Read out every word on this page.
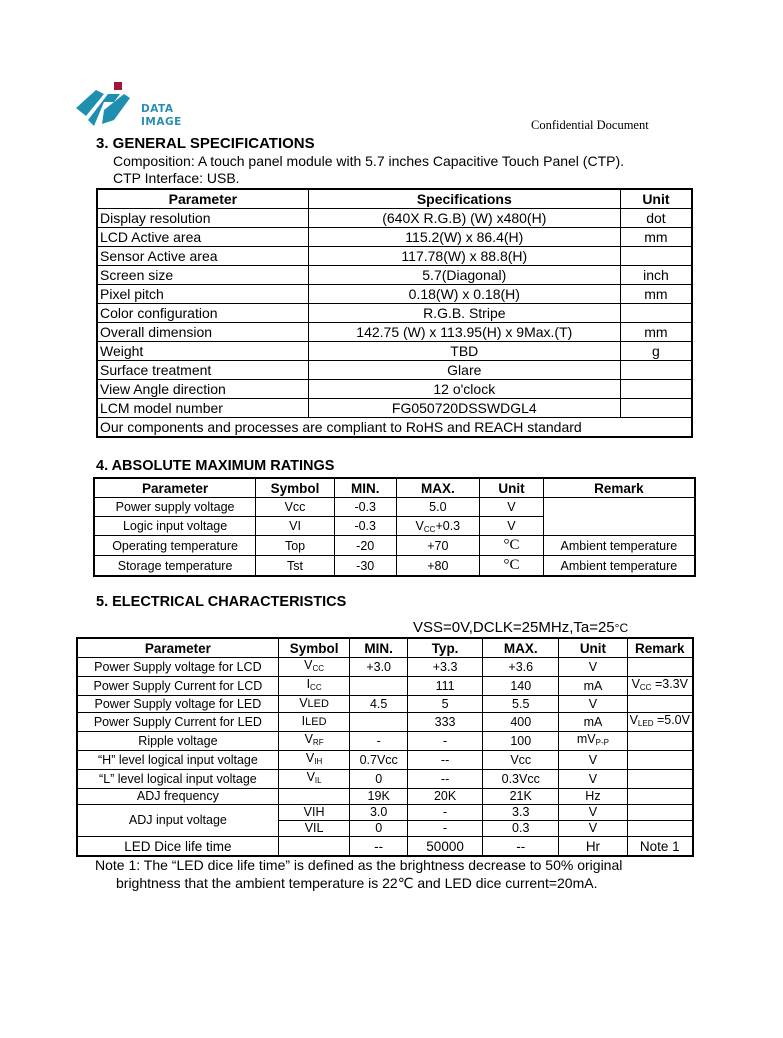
DATA
IMAGE	Confidential Document
3. GENERAL SPECIFICATIONS
Composition: A touch panel module with 5.7 inches Capacitive Touch Panel (CTP).
CTP Interface: USB.
Parameter	Specifications	Unit
Display resolution	(640X R.G.B) (W) x480(H)	dot
LCD Active area	115.2(W) x 86.4(H)	mm
Sensor Active area	117.78(W) x 88.8(H)	
Screen size	5.7(Diagonal)	inch
Pixel pitch	0.18(W) x 0.18(H)	mm
Color configuration	R.G.B. Stripe	
Overall dimension	142.75 (W) x 113.95(H) x 9Max.(T)	mm
Weight	TBD	g
Surface treatment	Glare	
View Angle direction	12 o'clock	
LCM model number	FG050720DSSWDGL4	
Our components and processes are compliant to RoHS and REACH standard		
4. ABSOLUTE MAXIMUM RATINGS
Parameter	Symbol	MIN.	MAX.	Unit	Remark
Power supply voltage	Vcc	-0.3	5.0	V	
Logic input voltage	VI	-0.3	$V_{CC}+0.3$	V	
Operating temperature	Top	-20	+70	°C	Ambient temperature
Storage temperature	Tst	-30	+80	°C	Ambient temperature
5. ELECTRICAL CHARACTERISTICS
VSS=0V,DCLK=25MHz,Ta=25°C
Parameter	Symbol	MIN.	Typ.	MAX.	Unit	Remark
Power Supply voltage for LCD	$V_{CC}$	+3.0	+3.3	+3.6	V	
Power Supply Current for LCD	$I_{CC}$		111	140	mA	$V_{CC} =3.3V$
Power Supply voltage for LED	VLED	4.5	5	5.5	V	
Power Supply Current for LED	ILED		333	400	mA	$V_{LED} =5.0V$
Ripple voltage	$V_{RF}$	-	-	100	$mV_{P-P}$	
“H” level logical input voltage	$V_{IH}$	0.7Vcc	--	Vcc	V	
“L” level logical input voltage	$V_{IL}$	0	--	0.3Vcc	V	
ADJ frequency		19K	20K	21K	Hz	
ADJ input voltage	VIH	3.0	-	3.3	V	
	VIL	0	-	0.3	V	
LED Dice life time		--	50000	--	Hr	Note 1
Note 1: The “LED dice life time” is defined as the brightness decrease to 50% original
brightness that the ambient temperature is 22℃ and LED dice current=20mA.
